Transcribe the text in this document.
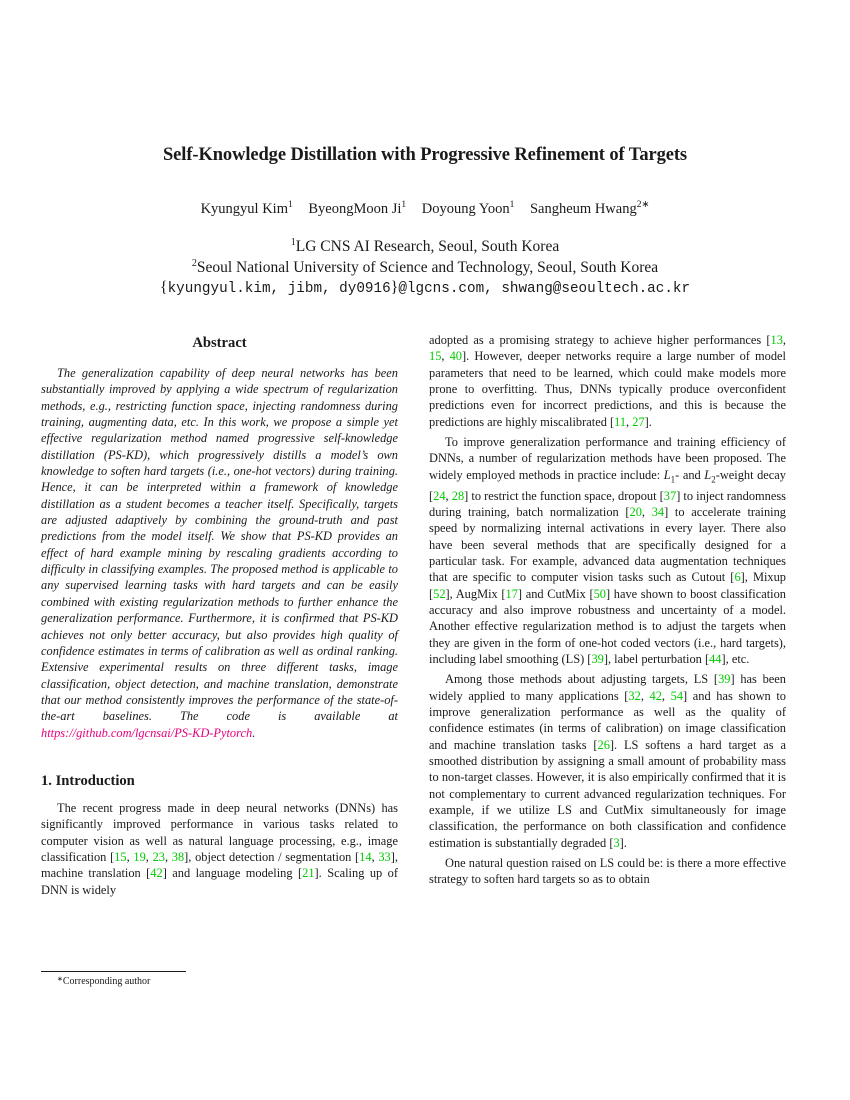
Self-Knowledge Distillation with Progressive Refinement of Targets
Kyungyul Kim$^1$ ByeongMoon Ji$^1$ Doyoung Yoon$^1$ Sangheum Hwang$^{2∗}$
$^1$LG CNS AI Research, Seoul, South Korea
$^2$Seoul National University of Science and Technology, Seoul, South Korea
{kyungyul.kim, jibm, dy0916}@lgcns.com, shwang@seoultech.ac.kr
Abstract

The generalization capability of deep neural networks has been substantially improved by applying a wide spectrum of regularization methods, e.g., restricting function space, injecting randomness during training, augmenting data, etc. In this work, we propose a simple yet effective regularization method named progressive self-knowledge distillation (PS-KD), which progressively distills a model’s own knowledge to soften hard targets (i.e., one-hot vectors) during training. Hence, it can be interpreted within a framework of knowledge distillation as a student becomes a teacher itself. Specifically, targets are adjusted adaptively by combining the ground-truth and past predictions from the model itself. We show that PS-KD provides an effect of hard example mining by rescaling gradients according to difficulty in classifying examples. The proposed method is applicable to any supervised learning tasks with hard targets and can be easily combined with existing regularization methods to further enhance the generalization performance. Furthermore, it is confirmed that PS-KD achieves not only better accuracy, but also provides high quality of confidence estimates in terms of calibration as well as ordinal ranking. Extensive experimental results on three different tasks, image classification, object detection, and machine translation, demonstrate that our method consistently improves the performance of the state-of-the-art baselines. The code is available at https://github.com/lgcnsai/PS-KD-Pytorch.

1. Introduction

The recent progress made in deep neural networks (DNNs) has significantly improved performance in various tasks related to computer vision as well as natural language processing, e.g., image classification [15, 19, 23, 38], object detection / segmentation [14, 33], machine translation [42] and language modeling [21]. Scaling up of DNN is widely

∗Corresponding author

adopted as a promising strategy to achieve higher performances [13, 15, 40]. However, deeper networks require a large number of model parameters that need to be learned, which could make models more prone to overfitting. Thus, DNNs typically produce overconfident predictions even for incorrect predictions, and this is because the predictions are highly miscalibrated [11, 27].

To improve generalization performance and training efficiency of DNNs, a number of regularization methods have been proposed. The widely employed methods in practice include: $L_1-$ and $L_2$-weight decay [24, 28] to restrict the function space, dropout [37] to inject randomness during training, batch normalization [20, 34] to accelerate training speed by normalizing internal activations in every layer. There also have been several methods that are specifically designed for a particular task. For example, advanced data augmentation techniques that are specific to computer vision tasks such as Cutout [6], Mixup [52], AugMix [17] and CutMix [50] have shown to boost classification accuracy and also improve robustness and uncertainty of a model. Another effective regularization method is to adjust the targets when they are given in the form of one-hot coded vectors (i.e., hard targets), including label smoothing (LS) [39], label perturbation [44], etc.

Among those methods about adjusting targets, LS [39] has been widely applied to many applications [32, 42, 54] and has shown to improve generalization performance as well as the quality of confidence estimates (in terms of calibration) on image classification and machine translation tasks [26]. LS softens a hard target as a smoothed distribution by assigning a small amount of probability mass to non-target classes. However, it is also empirically confirmed that it is not complementary to current advanced regularization techniques. For example, if we utilize LS and CutMix simultaneously for image classification, the performance on both classification and confidence estimation is substantially degraded [3].

One natural question raised on LS could be: is there a more effective strategy to soften hard targets so as to obtain
